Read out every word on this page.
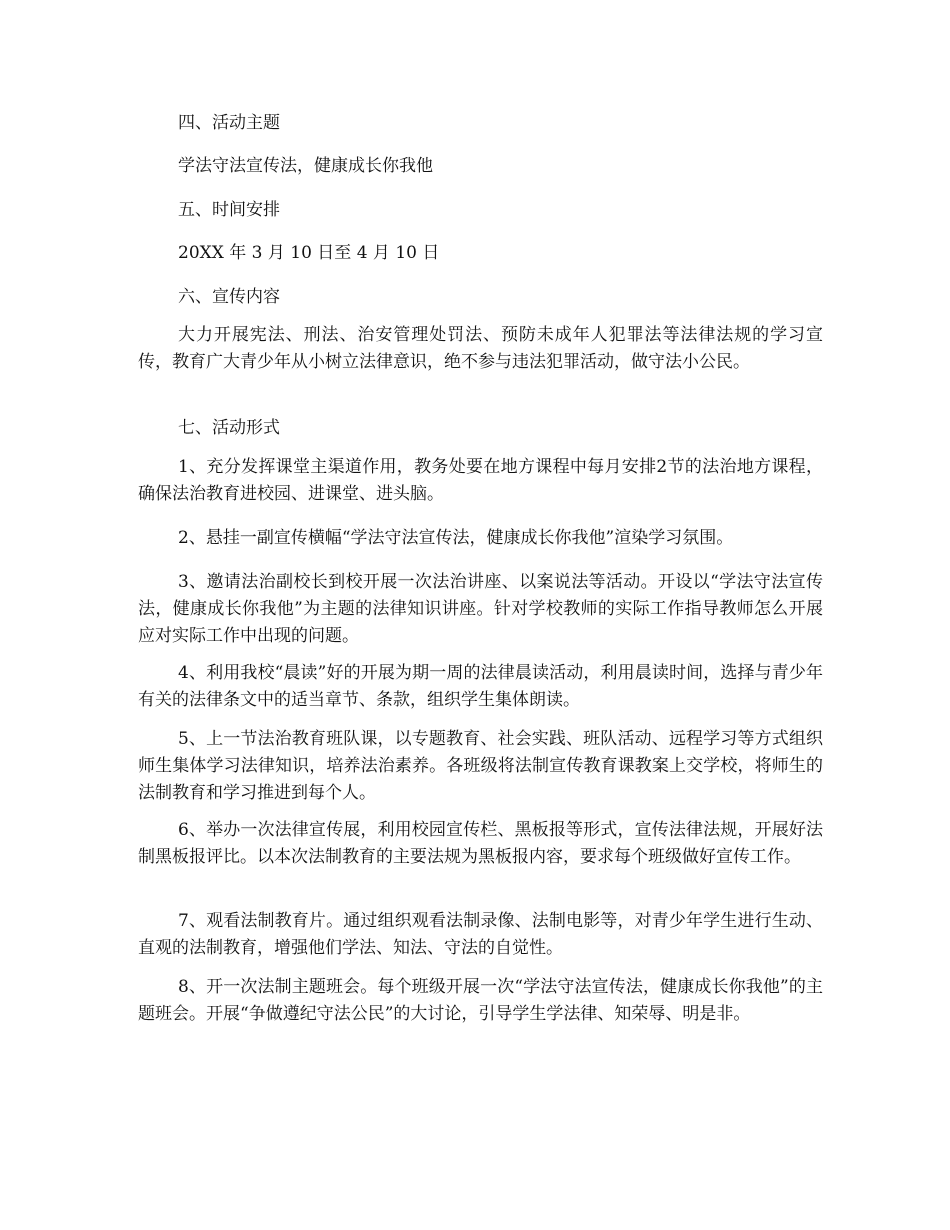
四、活动主题

学法守法宣传法，健康成长你我他

五、时间安排

20XX 年 3 月 10 日至 4 月 10 日

六、宣传内容

大力开展宪法、刑法、治安管理处罚法、预防未成年人犯罪法等法律法规的学习宣传，教育广大青少年从小树立法律意识，绝不参与违法犯罪活动，做守法小公民。

七、活动形式

1、充分发挥课堂主渠道作用，教务处要在地方课程中每月安排2节的法治地方课程，确保法治教育进校园、进课堂、进头脑。

2、悬挂一副宣传横幅“学法守法宣传法，健康成长你我他”渲染学习氛围。

3、邀请法治副校长到校开展一次法治讲座、以案说法等活动。开设以“学法守法宣传法，健康成长你我他”为主题的法律知识讲座。针对学校教师的实际工作指导教师怎么开展应对实际工作中出现的问题。

4、利用我校“晨读”好的开展为期一周的法律晨读活动，利用晨读时间，选择与青少年有关的法律条文中的适当章节、条款，组织学生集体朗读。

5、上一节法治教育班队课，以专题教育、社会实践、班队活动、远程学习等方式组织师生集体学习法律知识，培养法治素养。各班级将法制宣传教育课教案上交学校，将师生的法制教育和学习推进到每个人。

6、举办一次法律宣传展，利用校园宣传栏、黑板报等形式，宣传法律法规，开展好法制黑板报评比。以本次法制教育的主要法规为黑板报内容，要求每个班级做好宣传工作。

7、观看法制教育片。通过组织观看法制录像、法制电影等，对青少年学生进行生动、直观的法制教育，增强他们学法、知法、守法的自觉性。

8、开一次法制主题班会。每个班级开展一次“学法守法宣传法，健康成长你我他”的主题班会。开展“争做遵纪守法公民”的大讨论，引导学生学法律、知荣辱、明是非。
